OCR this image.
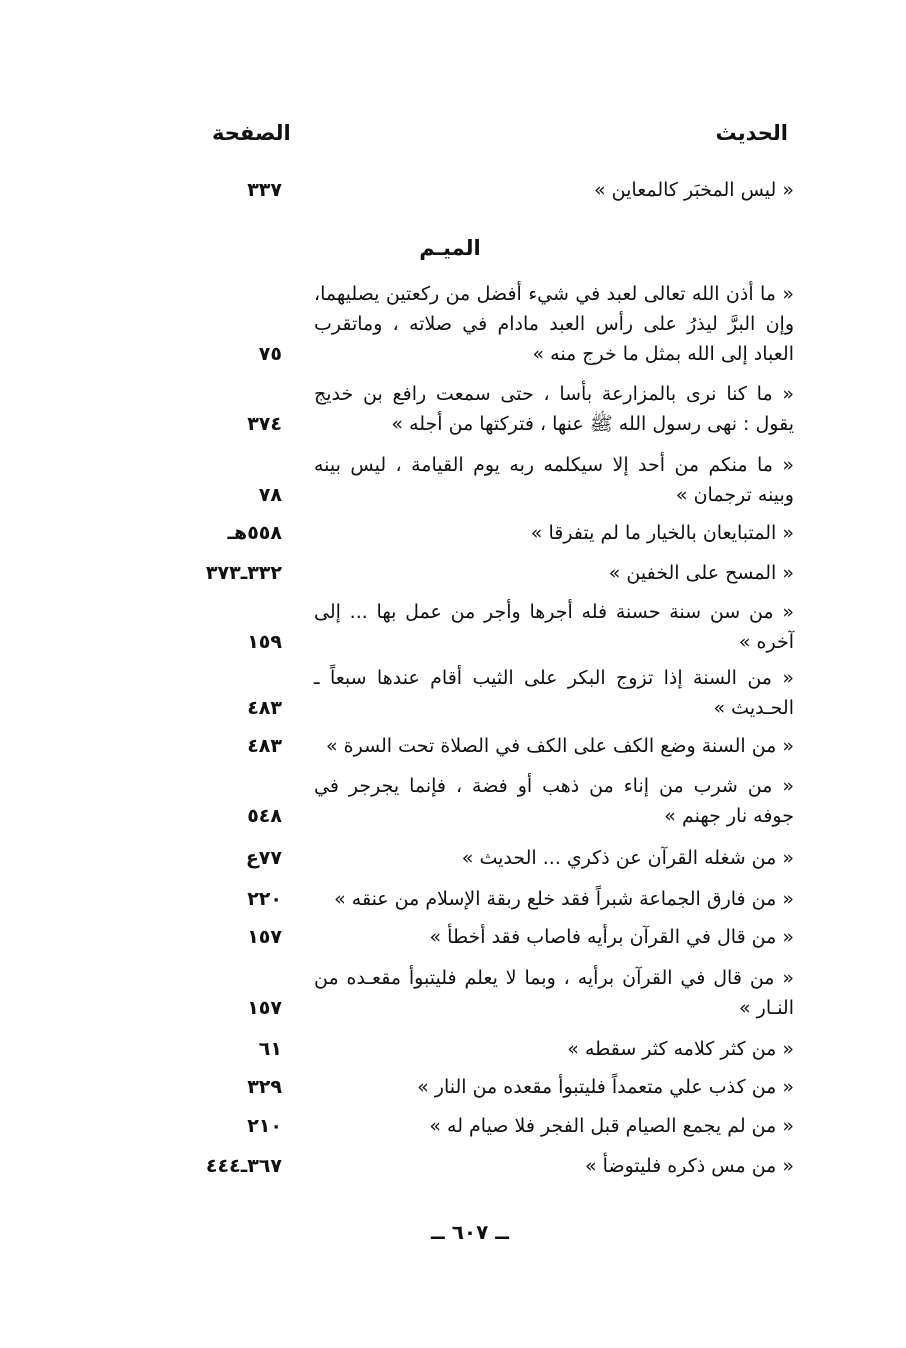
الحديث
الصفحة
« ليس المخبَر كالمعاين »
٣٣٧
الميـم
« ما أذن الله تعالى لعبد في شيء أفضل من ركعتين يصليهما، وإن البرَّ ليذرُ على رأس العبد مادام في صلاته ، وماتقرب العباد إلى الله بمثل ما خرج منه »
٧٥
« ما كنا نرى بالمزارعة بأسا ، حتى سمعت رافع بن خديج يقول : نهى رسول الله ﷺ عنها ، فتركتها من أجله »
٣٧٤
« ما منكم من أحد إلا سيكلمه ربه يوم القيامة ، ليس بينه وبينه ترجمان »
٧٨
« المتبايعان بالخيار ما لم يتفرقا »
٥٥٨هـ
« المسح على الخفين »
٣٣٢ـ٣٧٣
« من سن سنة حسنة فله أجرها وأجر من عمل بها ... إلى آخره »
١٥٩
« من السنة إذا تزوج البكر على الثيب أقام عندها سبعاً ـ الحـديث »
٤٨٣
« من السنة وضع الكف على الكف في الصلاة تحت السرة »
٤٨٣
« من شرب من إناء من ذهب أو فضة ، فإنما يجرجر في جوفه نار جهنم »
٥٤٨
« من شغله القرآن عن ذكري ... الحديث »
٧٧ع
« من فارق الجماعة شبراً فقد خلع ربقة الإسلام من عنقه »
٢٢٠
« من قال في القرآن برأيه فاصاب فقد أخطأ »
١٥٧
« من قال في القرآن برأيه ، وبما لا يعلم فليتبوأ مقعـده من النـار »
١٥٧
« من كثر كلامه كثر سقطه »
٦١
« من كذب علي متعمداً فليتبوأ مقعده من النار »
٣٢٩
« من لم يجمع الصيام قبل الفجر فلا صيام له »
٢١٠
« من مس ذكره فليتوضأ »
٣٦٧ـ٤٤٤
ــ ٦٠٧ ــ
